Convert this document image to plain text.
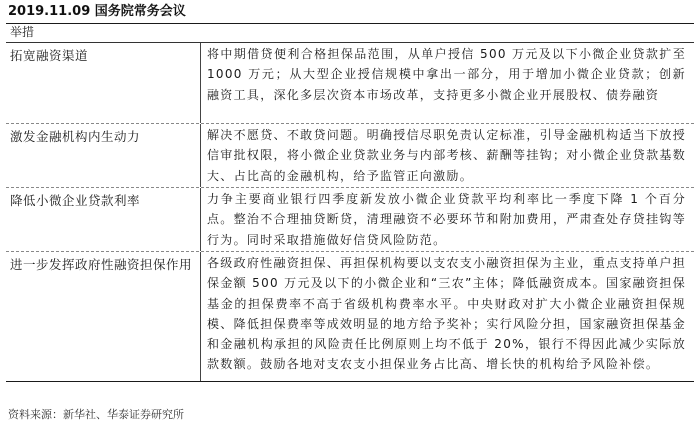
2019.11.09 国务院常务会议
举措
拓宽融资渠道	将中期借贷便利合格担保品范围，从单户授信 500 万元及以下小微企业贷款扩至 1000 万元；从大型企业授信规模中拿出一部分，用于增加小微企业贷款；创新融资工具，深化多层次资本市场改革，支持更多小微企业开展股权、债券融资
激发金融机构内生动力	解决不愿贷、不敢贷问题。明确授信尽职免责认定标准，引导金融机构适当下放授信审批权限，将小微企业贷款业务与内部考核、薪酬等挂钩；对小微企业贷款基数大、占比高的金融机构，给予监管正向激励。
降低小微企业贷款利率	力争主要商业银行四季度新发放小微企业贷款平均利率比一季度下降 1 个百分点。整治不合理抽贷断贷，清理融资不必要环节和附加费用，严肃查处存贷挂钩等行为。同时采取措施做好信贷风险防范。
进一步发挥政府性融资担保作用	各级政府性融资担保、再担保机构要以支农支小融资担保为主业，重点支持单户担保金额 500 万元及以下的小微企业和“三农”主体；降低融资成本。国家融资担保基金的担保费率不高于省级机构费率水平。中央财政对扩大小微企业融资担保规模、降低担保费率等成效明显的地方给予奖补；实行风险分担，国家融资担保基金和金融机构承担的风险责任比例原则上均不低于 20%，银行不得因此减少实际放款数额。鼓励各地对支农支小担保业务占比高、增长快的机构给予风险补偿。
资料来源：新华社、华泰证券研究所
